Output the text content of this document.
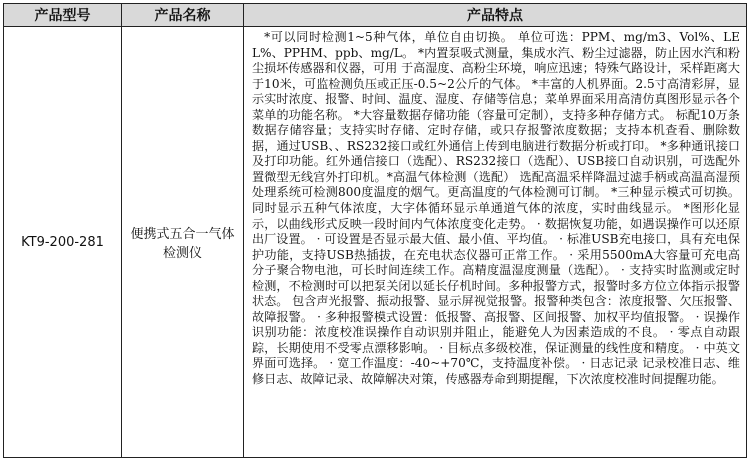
产品型号	产品名称	产品特点
KT9-200-281	便携式五合一气体检测仪	*可以同时检测1~5种气体，单位自由切换。 单位可选：PPM、mg/m3、Vol%、LEL%、PPHM、ppb、mg/L。 *内置泵吸式测量，集成水汽、粉尘过滤器，防止因水汽和粉尘损坏传感器和仪器，可用 于高湿度、高粉尘环境，响应迅速；特殊气路设计，采样距离大于10米，可监检测负压或正压-0.5~2公斤的气体。 *丰富的人机界面。2.5寸高清彩屏，显示实时浓度、报警、时间、温度、湿度、存储等信息；菜单界面采用高清仿真图形显示各个菜单的功能名称。 *大容量数据存储功能（容量可定制），支持多种存储方式。 标配10万条数据存储容量；支持实时存储、定时存储，或只存报警浓度数据；支持本机查看、删除数据，通过USB、、RS232接口或红外通信上传到电脑进行数据分析或打印。 *多种通讯接口及打印功能。红外通信接口（选配）、RS232接口（选配）、USB接口自动识别，可选配外置微型无线宫外打印机。*高温气体检测（选配） 选配高温采样降温过滤手柄或高温高湿预处理系统可检测800度温度的烟气。更高温度的气体检测可订制。 *三种显示模式可切换。 同时显示五种气体浓度，大字体循环显示单通道气体的浓度，实时曲线显示。 *图形化显示，以曲线形式反映一段时间内气体浓度变化走势。 · 数据恢复功能，如遇误操作可以还原出厂设置。 · 可设置是否显示最大值、最小值、平均值。 · 标准USB充电接口，具有充电保护功能，支持USB热插拔，在充电状态仪器可正常工作。 · 采用5500mA大容量可充电高分子聚合物电池，可长时间连续工作。高精度温湿度测量（选配）。 · 支持实时监测或定时检测，不检测时可以把泵关闭以延长仔机时间。多种报警方式，报警时多方位立体指示报警状态。 包含声光报警、振动报警、显示屏视觉报警。报警种类包含：浓度报警、欠压报警、故障报警。 · 多种报警模式设置：低报警、高报警、区间报警、加权平均值报警。 · 误操作识别功能：浓度校准误操作自动识别并阻止，能避免人为因素造成的不良。 · 零点自动跟踪，长期使用不受零点漂移影响。 · 目标点多级校准，保证测量的线性度和精度。 · 中英文界面可选择。 · 宽工作温度：-40~+70℃，支持温度补偿。 · 日志记录 记录校准日志、维修日志、故障记录、故障解决对策，传感器寿命到期提醒，下次浓度校准时间提醒功能。
